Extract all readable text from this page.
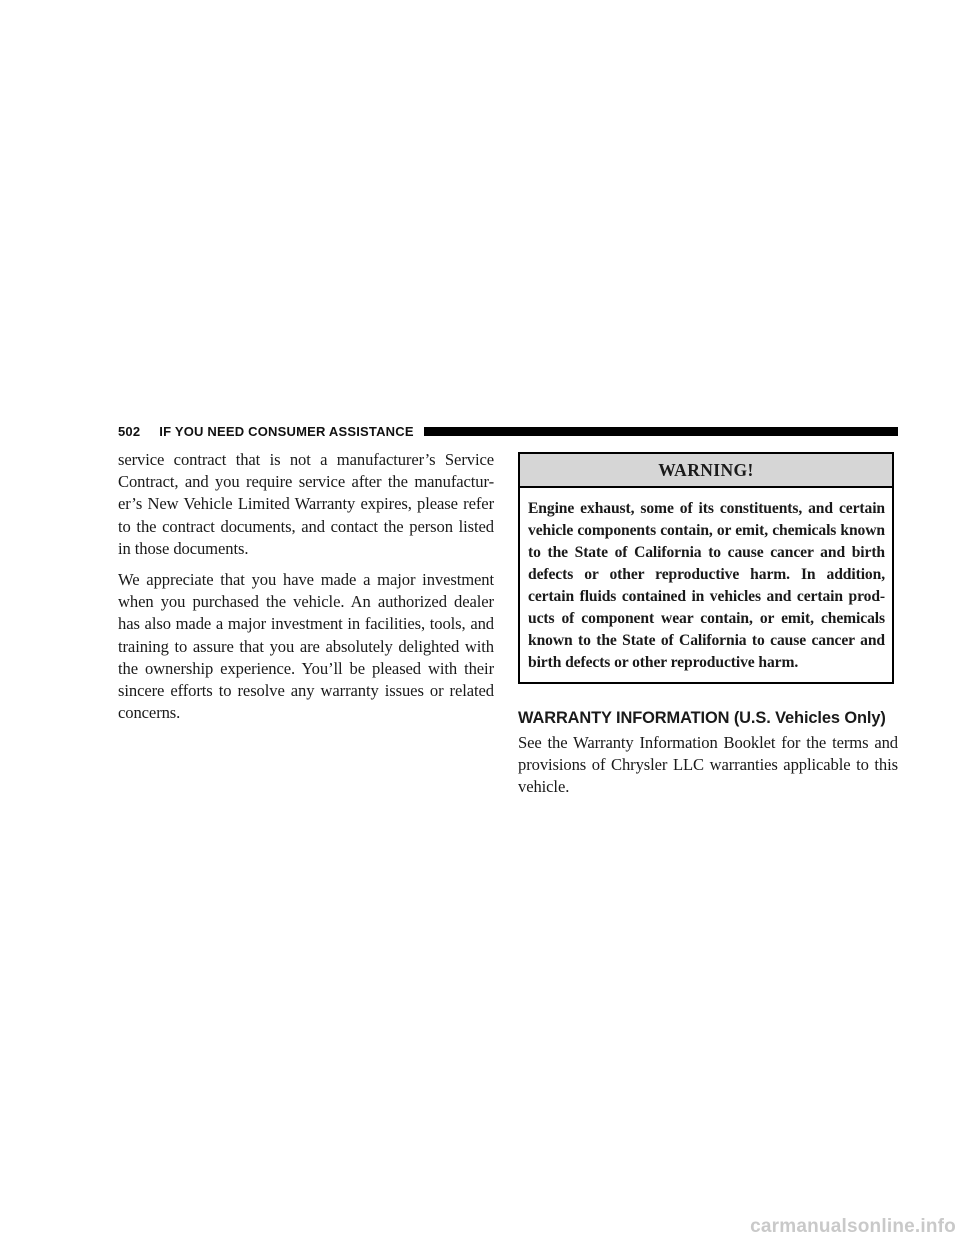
502	IF YOU NEED CONSUMER ASSISTANCE

service contract that is not a manufacturer’s Service Contract, and you require service after the manufactur-er’s New Vehicle Limited Warranty expires, please refer to the contract documents, and contact the person listed in those documents.

We appreciate that you have made a major investment when you purchased the vehicle. An authorized dealer has also made a major investment in facilities, tools, and training to assure that you are absolutely delighted with the ownership experience. You’ll be pleased with their sincere efforts to resolve any warranty issues or related concerns.

WARNING!
Engine exhaust, some of its constituents, and certain vehicle components contain, or emit, chemicals known to the State of California to cause cancer and birth defects or other reproductive harm. In addition, certain fluids contained in vehicles and certain prod-ucts of component wear contain, or emit, chemicals known to the State of California to cause cancer and birth defects or other reproductive harm.
WARRANTY INFORMATION (U.S. Vehicles Only)

See the Warranty Information Booklet for the terms and provisions of Chrysler LLC warranties applicable to this vehicle.

carmanualsonline.info
